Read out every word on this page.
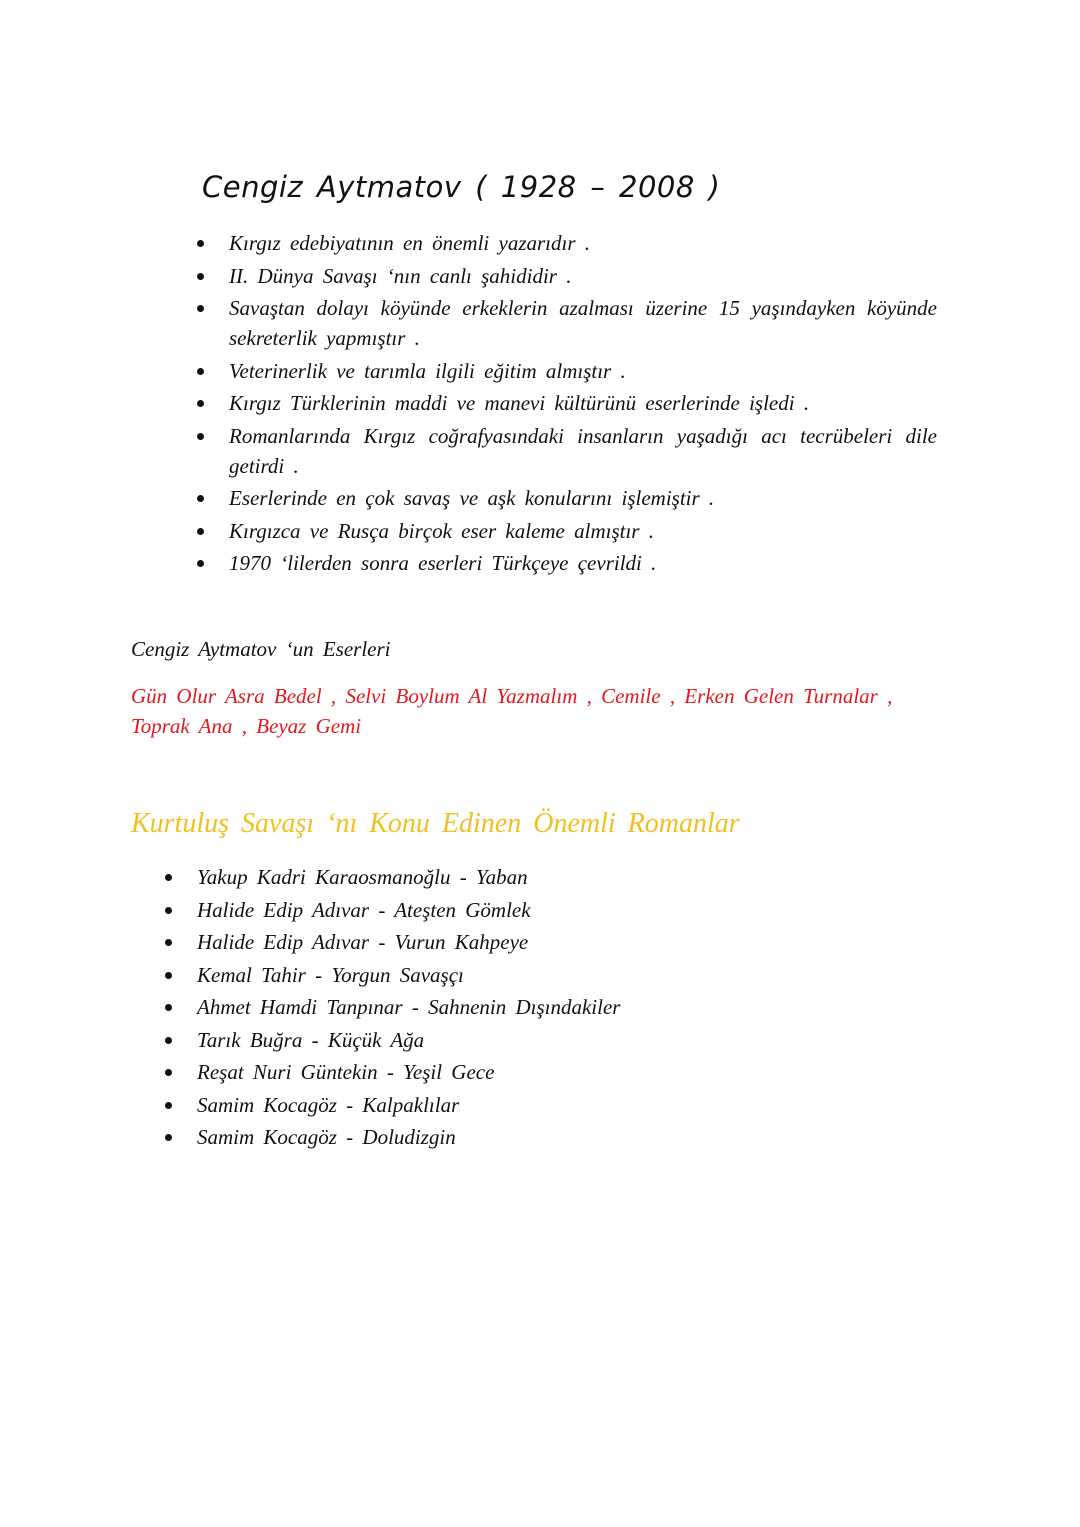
Cengiz Aytmatov ( 1928 – 2008 )
Kırgız edebiyatının en önemli yazarıdır .
II. Dünya Savaşı ‘nın canlı şahididir .
Savaştan dolayı köyünde erkeklerin azalması üzerine 15 yaşındayken köyünde sekreterlik yapmıştır .
Veterinerlik ve tarımla ilgili eğitim almıştır .
Kırgız Türklerinin maddi ve manevi kültürünü eserlerinde işledi .
Romanlarında Kırgız coğrafyasındaki insanların yaşadığı acı tecrübeleri dile getirdi .
Eserlerinde en çok savaş ve aşk konularını işlemiştir .
Kırgızca ve Rusça birçok eser kaleme almıştır .
1970 ‘lilerden sonra eserleri Türkçeye çevrildi .
Cengiz Aytmatov ‘un Eserleri

Gün Olur Asra Bedel , Selvi Boylum Al Yazmalım , Cemile , Erken Gelen Turnalar , Toprak Ana , Beyaz Gemi

Kurtuluş Savaşı ‘nı Konu Edinen Önemli Romanlar
Yakup Kadri Karaosmanoğlu - Yaban
Halide Edip Adıvar - Ateşten Gömlek
Halide Edip Adıvar - Vurun Kahpeye
Kemal Tahir - Yorgun Savaşçı
Ahmet Hamdi Tanpınar - Sahnenin Dışındakiler
Tarık Buğra - Küçük Ağa
Reşat Nuri Güntekin - Yeşil Gece
Samim Kocagöz - Kalpaklılar
Samim Kocagöz - Doludizgin
